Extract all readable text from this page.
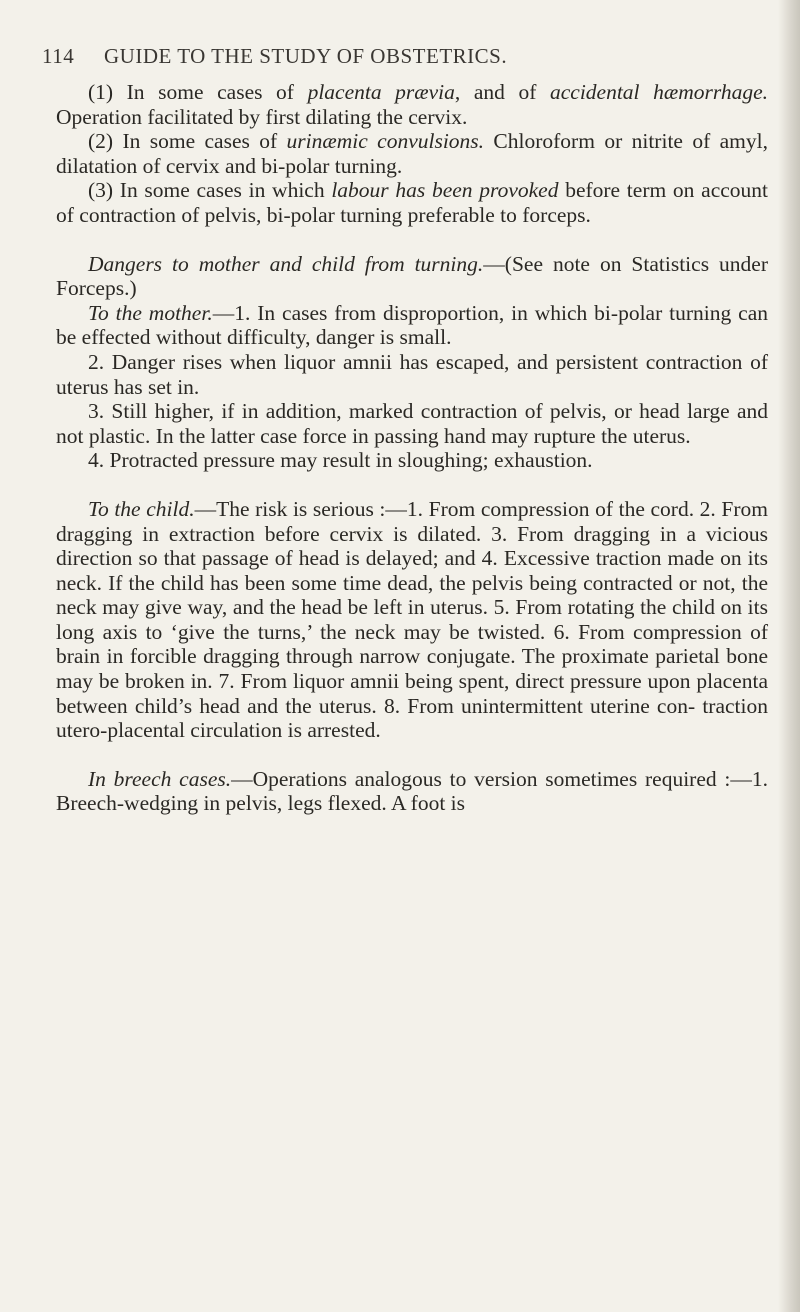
114 GUIDE TO THE STUDY OF OBSTETRICS.

(1) In some cases of placenta prævia, and of accidental hæmorrhage. Operation facilitated by first dilating the cervix.

(2) In some cases of urinæmic convulsions. Chloroform or nitrite of amyl, dilatation of cervix and bi-polar turning.

(3) In some cases in which labour has been provoked before term on account of contraction of pelvis, bi-polar turning preferable to forceps.

Dangers to mother and child from turning.—(See note on Statistics under Forceps.)

To the mother.—1. In cases from disproportion, in which bi-polar turning can be effected without difficulty, danger is small.

2. Danger rises when liquor amnii has escaped, and persistent contraction of uterus has set in.

3. Still higher, if in addition, marked contraction of pelvis, or head large and not plastic. In the latter case force in passing hand may rupture the uterus.

4. Protracted pressure may result in sloughing; exhaustion.

To the child.—The risk is serious :—1. From compression of the cord. 2. From dragging in extraction before cervix is dilated. 3. From dragging in a vicious direction so that passage of head is delayed; and 4. Excessive traction made on its neck. If the child has been some time dead, the pelvis being contracted or not, the neck may give way, and the head be left in uterus. 5. From rotating the child on its long axis to ‘give the turns,’ the neck may be twisted. 6. From compression of brain in forcible dragging through narrow conjugate. The proximate parietal bone may be broken in. 7. From liquor amnii being spent, direct pressure upon placenta between child’s head and the uterus. 8. From unintermittent uterine con- traction utero-placental circulation is arrested.

In breech cases.—Operations analogous to version sometimes required :—1. Breech-wedging in pelvis, legs flexed. A foot is
